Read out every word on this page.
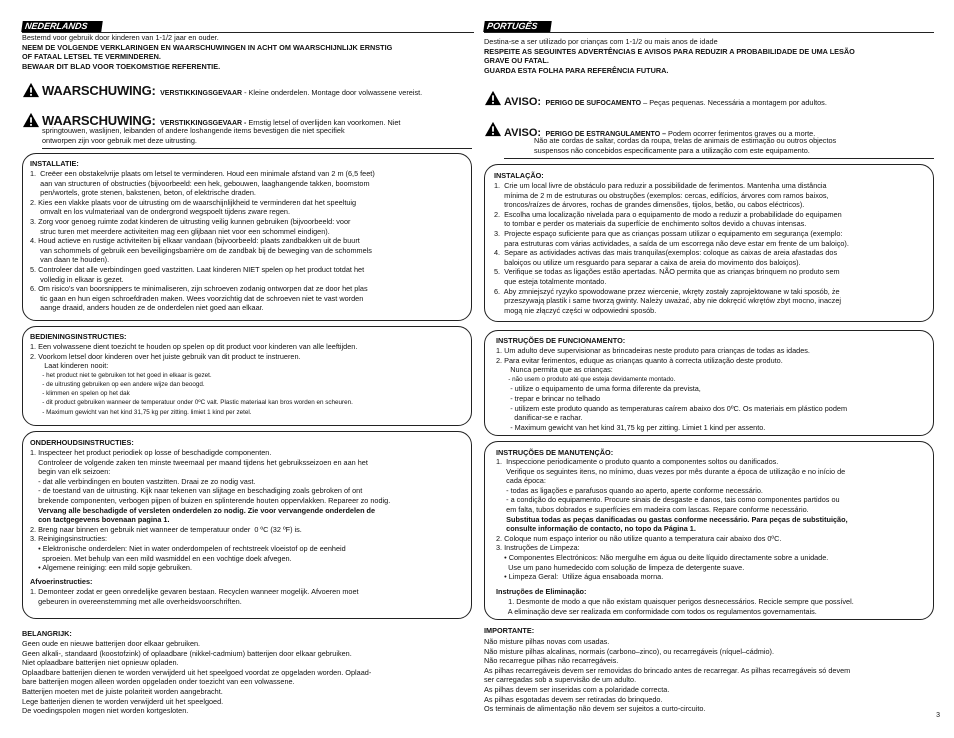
NEDERLANDS
Bestemd voor gebruik door kinderen van 1-1/2 jaar en ouder.
NEEM DE VOLGENDE VERKLARINGEN EN WAARSCHUWINGEN IN ACHT OM WAARSCHIJNLIJK ERNSTIG
OF FATAAL LETSEL TE VERMINDEREN.
BEWAAR DIT BLAD VOOR TOEKOMSTIGE REFERENTIE.
WAARSCHUWING: VERSTIKKINGSGEVAAR - Kleine onderdelen. Montage door volwassene vereist.
WAARSCHUWING: VERSTIKKINGSGEVAAR - Ernstig letsel of overlijden kan voorkomen. Niet
springtouwen, waslijnen, leibanden of andere loshangende items bevestigen die niet specifiek
ontworpen zijn voor gebruik met deze uitrusting.
INSTALLATIE:
1.  Creëer een obstakelvrije plaats om letsel te verminderen. Houd een minimale afstand van 2 m (6,5 feet)
aan van structuren of obstructies (bijvoorbeeld: een hek, gebouwen, laaghangende takken, boomstom
pen/wortels, grote stenen, bakstenen, beton, of elektrische draden.
2. Kies een vlakke plaats voor de uitrusting om de waarschijnlijkheid te verminderen dat het speeltuig
omvalt en los vulmateriaal van de ondergrond wegspoelt tijdens zware regen.
3. Zorg voor genoeg ruimte zodat kinderen de uitrusting veilig kunnen gebruiken (bijvoorbeeld: voor
struc turen met meerdere activiteiten mag een glijbaan niet voor een schommel eindigen).
4. Houd actieve en rustige activiteiten bij elkaar vandaan (bijvoorbeeld: plaats zandbakken uit de buurt
van schommels of gebruik een beveiligingsbarrière om de zandbak bij de beweging van de schommels
van daan te houden).
5. Controleer dat alle verbindingen goed vastzitten. Laat kinderen NIET spelen op het product totdat het
volledig in elkaar is gezet.
6. Om risico's van boorsnippers te minimaliseren, zijn schroeven zodanig ontworpen dat ze door het plas
tic gaan en hun eigen schroefdraden maken. Wees voorzichtig dat de schroeven niet te vast worden
aange draaid, anders houden ze de onderdelen niet goed aan elkaar.
BEDIENINGSINSTRUCTIES:
1. Een volwassene dient toezicht te houden op spelen op dit product voor kinderen van alle leeftijden.
2. Voorkom letsel door kinderen over het juiste gebruik van dit product te instrueren.
Laat kinderen nooit:
- het product niet te gebruiken tot het goed in elkaar is gezet.
- de uitrusting gebruiken op een andere wijze dan beoogd.
- klimmen en spelen op het dak
- dit product gebruiken wanneer de temperatuur onder 0ºC valt. Plastic materiaal kan bros worden en scheuren.
- Maximum gewicht van het kind 31,75 kg per zitting. limiet 1 kind per zetel.
ONDERHOUDSINSTRUCTIES:
1. Inspecteer het product periodiek op losse of beschadigde componenten.
Controleer de volgende zaken ten minste tweemaal per maand tijdens het gebruiksseizoen en aan het
begin van elk seizoen:
- dat alle verbindingen en bouten vastzitten. Draai ze zo nodig vast.
- de toestand van de uitrusting. Kijk naar tekenen van slijtage en beschadiging zoals gebroken of ont
brekende componenten, verbogen pijpen of buizen en splinterende houten oppervlakken. Repareer zo nodig.
Vervang alle beschadigde of versleten onderdelen zo nodig. Zie voor vervangende onderdelen de
con tactgegevens bovenaan pagina 1.
2. Breng naar binnen en gebruik niet wanneer de temperatuur onder  0 ºC (32 ºF) is.
3. Reinigingsinstructies:
• Elektronische onderdelen: Niet in water onderdompelen of rechtstreek vloeistof op de eenheid
sproeien. Met behulp van een mild wasmiddel en een vochtige doek afvegen.
• Algemene reiniging: een mild sopje gebruiken.
Afvoerinstructies:
1. Demonteer zodat er geen onredelijke gevaren bestaan. Recyclen wanneer mogelijk. Afvoeren moet
gebeuren in overeenstemming met alle overheidsvoorschriften.
BELANGRIJK:
Geen oude en nieuwe batterijen door elkaar gebruiken.
Geen alkali-, standaard (koostofzink) of oplaadbare (nikkel-cadmium) batterijen door elkaar gebruiken.
Niet oplaadbare batterijen niet opnieuw opladen.
Oplaadbare batterijen dienen te worden verwijderd uit het speelgoed voordat ze opgeladen worden. Oplaad-
bare batterijen mogen alleen worden opgeladen onder toezicht van een volwassene.
Batterijen moeten met de juiste polariteit worden aangebracht.
Lege batterijen dienen te worden verwijderd uit het speelgoed.
De voedingspolen mogen niet worden kortgesloten.
PORTUGÊS
Destina-se a ser utilizado por crianças com 1-1/2 ou mais anos de idade
RESPEITE AS SEGUINTES ADVERTÊNCIAS E AVISOS PARA REDUZIR A PROBABILIDADE DE UMA LESÃO
GRAVE OU FATAL.
GUARDA ESTA FOLHA PARA REFERÊNCIA FUTURA.
AVISO: PERIGO DE SUFOCAMENTO – Peças pequenas. Necessária a montagem por adultos.
AVISO: PERIGO DE ESTRANGULAMENTO – Podem ocorrer ferimentos graves ou a morte.
Não ate cordas de saltar, cordas da roupa, trelas de animais de estimação ou outros objectos
suspensos não concebidos especificamente para a utilização com este equipamento.
INSTALAÇÃO:
1.  Crie um local livre de obstáculo para reduzir a possibilidade de ferimentos. Mantenha uma distância
mínima de 2 m de estruturas ou obstruções (exemplos: cercas, edifícios, árvores com ramos baixos,
troncos/raízes de árvores, rochas de grandes dimensões, tijolos, betão, ou cabos eléctricos).
2.  Escolha uma localização nivelada para o equipamento de modo a reduzir a probabilidade do equipamen
to tombar e perder os materiais da superfície de enchimento soltos devido a chuvas intensas.
3.  Projecte espaço suficiente para que as crianças possam utilizar o equipamento em segurança (exemplo:
para estruturas com várias actividades, a saída de um escorrega não deve estar em frente de um baloiço).
4.  Separe as actividades activas das mais tranquilas(exemplos: coloque as caixas de areia afastadas dos
baloiços ou utilize um resguardo para separar a caixa de areia do movimento dos baloiços).
5.  Verifique se todas as ligações estão apertadas. NÃO permita que as crianças brinquem no produto sem
que esteja totalmente montado.
6.  Aby zmniejszyć ryzyko spowodowane przez wiercenie, wkręty zostały zaprojektowane w taki sposób, że
przeszywają plastik i same tworzą gwinty. Należy uważać, aby nie dokręcić wkrętów zbyt mocno, inaczej
mogą nie złączyć części w odpowiedni sposób.
INSTRUÇÕES DE FUNCIONAMENTO:
1. Um adulto deve supervisionar as brincadeiras neste produto para crianças de todas as idades.
2. Para evitar ferimentos, eduque as crianças quanto à correcta utilização deste produto.
Nunca permita que as crianças:
- não usem o produto até que esteja devidamente montado.
- utilize o equipamento de uma forma diferente da prevista,
- trepar e brincar no telhado
- utilizem este produto quando as temperaturas caírem abaixo dos 0ºC. Os materiais em plástico podem
danificar-se e rachar.
- Maximum gewicht van het kind 31,75 kg per zitting. Limiet 1 kind per assento.
INSTRUÇÕES DE MANUTENÇÃO:
1.  Inspeccione periodicamente o produto quanto a componentes soltos ou danificados.
Verifique os seguintes itens, no mínimo, duas vezes por mês durante a época de utilização e no início de
cada época:
- todas as ligações e parafusos quando ao aperto, aperte conforme necessário.
- a condição do equipamento. Procure sinais de desgaste e danos, tais como componentes partidos ou
em falta, tubos dobrados e superfícies em madeira com lascas. Repare conforme necessário.
Substitua todas as peças danificadas ou gastas conforme necessário. Para peças de substituição,
consulte informação de contacto, no topo da Página 1.
2. Coloque num espaço interior ou não utilize quanto a temperatura cair abaixo dos 0ºC.
3. Instruções de Limpeza:
• Componentes Electrónicos: Não mergulhe em água ou deite líquido directamente sobre a unidade.
Use um pano humedecido com solução de limpeza de detergente suave.
• Limpeza Geral:  Utilize água ensaboada morna.
Instruções de Eliminação:
1. Desmonte de modo a que não existam quaisquer perigos desnecessários. Recicle sempre que possível.
A eliminação deve ser realizada em conformidade com todos os regulamentos governamentais.
IMPORTANTE:
Não misture pilhas novas com usadas.
Não misture pilhas alcalinas, normais (carbono–zinco), ou recarregáveis (níquel–cádmio).
Não recarregue pilhas não recarregáveis.
As pilhas recarregáveis devem ser removidas do brincado antes de recarregar. As pilhas recarregáveis só devem
ser carregadas sob a supervisão de um adulto.
As pilhas devem ser inseridas com a polaridade correcta.
As pilhas esgotadas devem ser retiradas do brinquedo.
Os terminais de alimentação não devem ser sujeitos a curto-circuito.
3
